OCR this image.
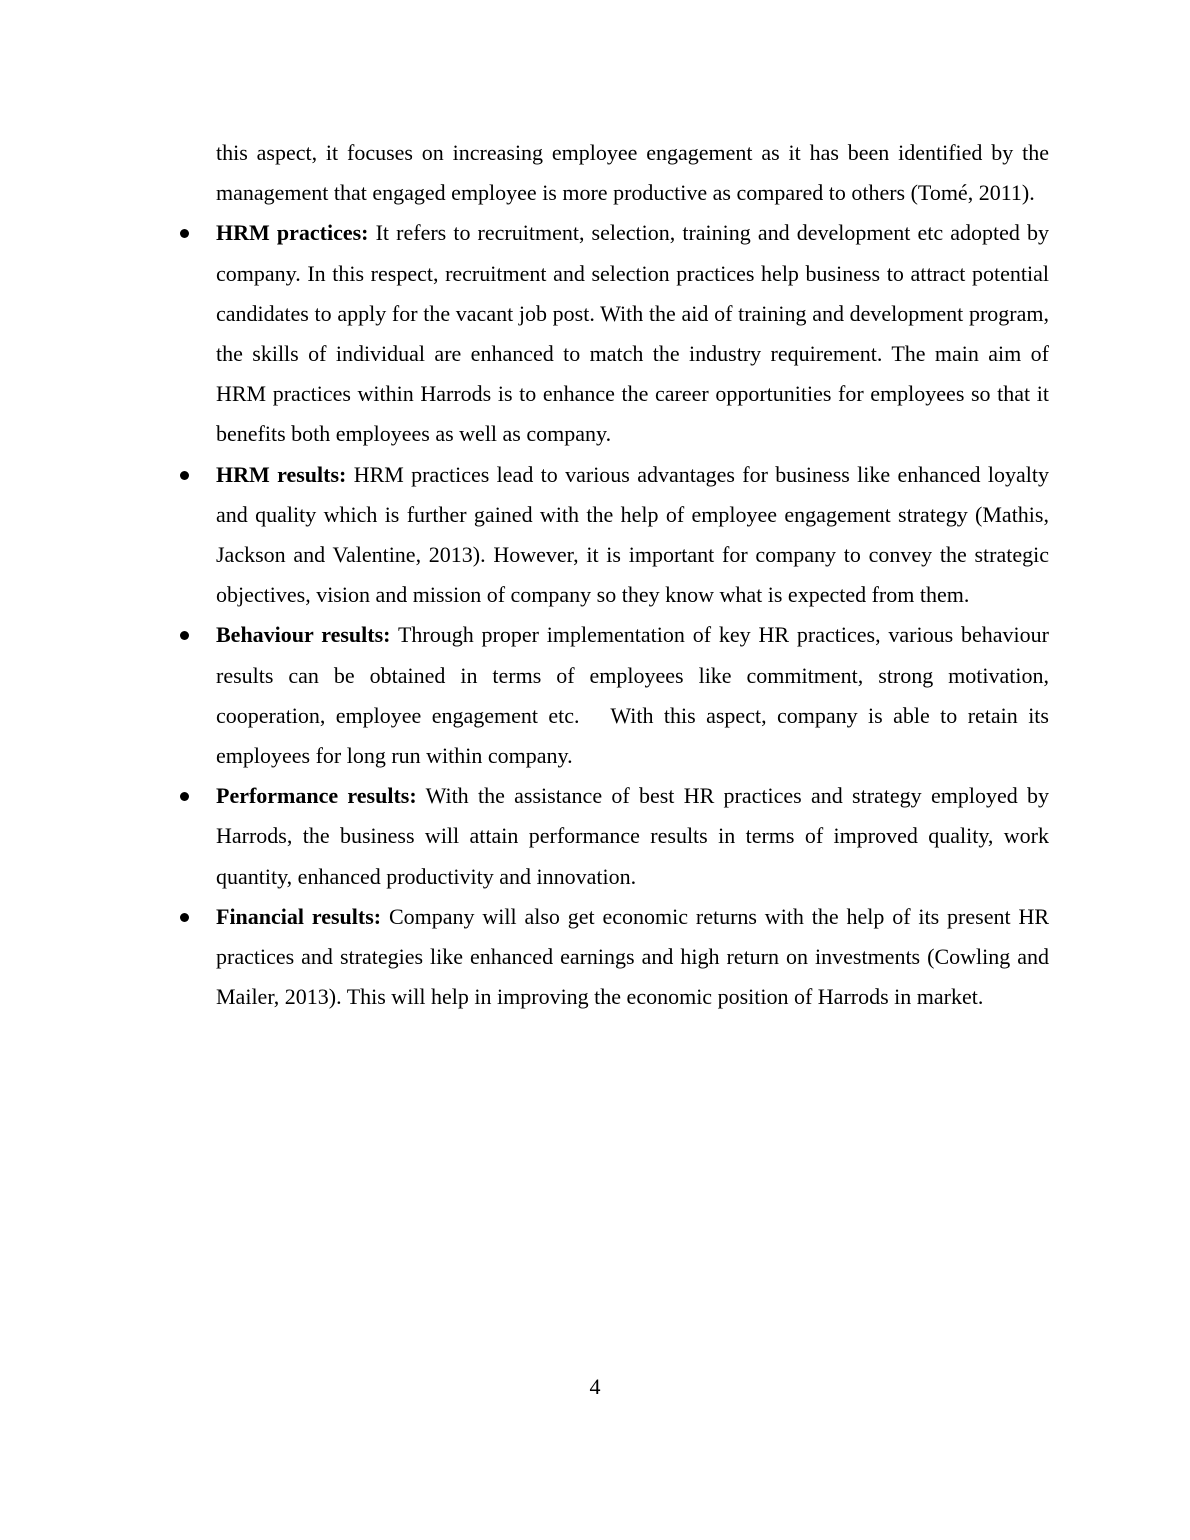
this aspect, it focuses on increasing employee engagement as it has been identified by the management that engaged employee is more productive as compared to others (Tomé, 2011).

HRM practices: It refers to recruitment, selection, training and development etc adopted by company. In this respect, recruitment and selection practices help business to attract potential candidates to apply for the vacant job post. With the aid of training and development program, the skills of individual are enhanced to match the industry requirement. The main aim of HRM practices within Harrods is to enhance the career opportunities for employees so that it benefits both employees as well as company.
HRM results: HRM practices lead to various advantages for business like enhanced loyalty and quality which is further gained with the help of employee engagement strategy (Mathis, Jackson and Valentine, 2013). However, it is important for company to convey the strategic objectives, vision and mission of company so they know what is expected from them.
Behaviour results: Through proper implementation of key HR practices, various behaviour results can be obtained in terms of employees like commitment, strong motivation, cooperation, employee engagement etc.   With this aspect, company is able to retain its employees for long run within company.
Performance results: With the assistance of best HR practices and strategy employed by Harrods, the business will attain performance results in terms of improved quality, work quantity, enhanced productivity and innovation.
Financial results: Company will also get economic returns with the help of its present HR practices and strategies like enhanced earnings and high return on investments (Cowling and Mailer, 2013). This will help in improving the economic position of Harrods in market.
4
